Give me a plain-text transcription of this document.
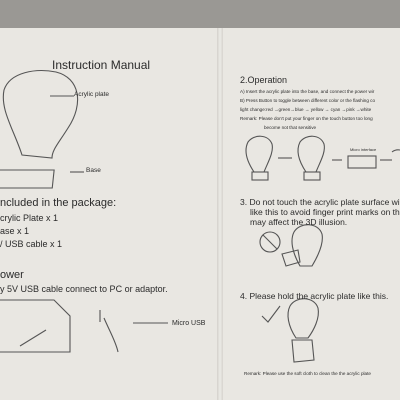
Instruction Manual
Acrylic plate
Base
ncluded in the package:
crylic Plate x 1
ase x 1
/ USB cable x 1
ower
y 5V USB cable connect to PC or adaptor.
Micro USB
2.Operation
A) Insert the acrylic plate into the base, and connect the power wir
B) Press Button to toggle between different color or the flashing co
light change:red →green→blue → yellow → cyan →pink →white
Remark: Please don't put your finger on the touch button too long
become not that sensitive
Micro interface
3. Do not touch the acrylic plate surface wi
like this to avoid finger print marks on th
may affect the 3D illusion.
4. Please hold the acrylic plate like this.
Remark: Please use the soft cloth to clean the the acrylic plate
